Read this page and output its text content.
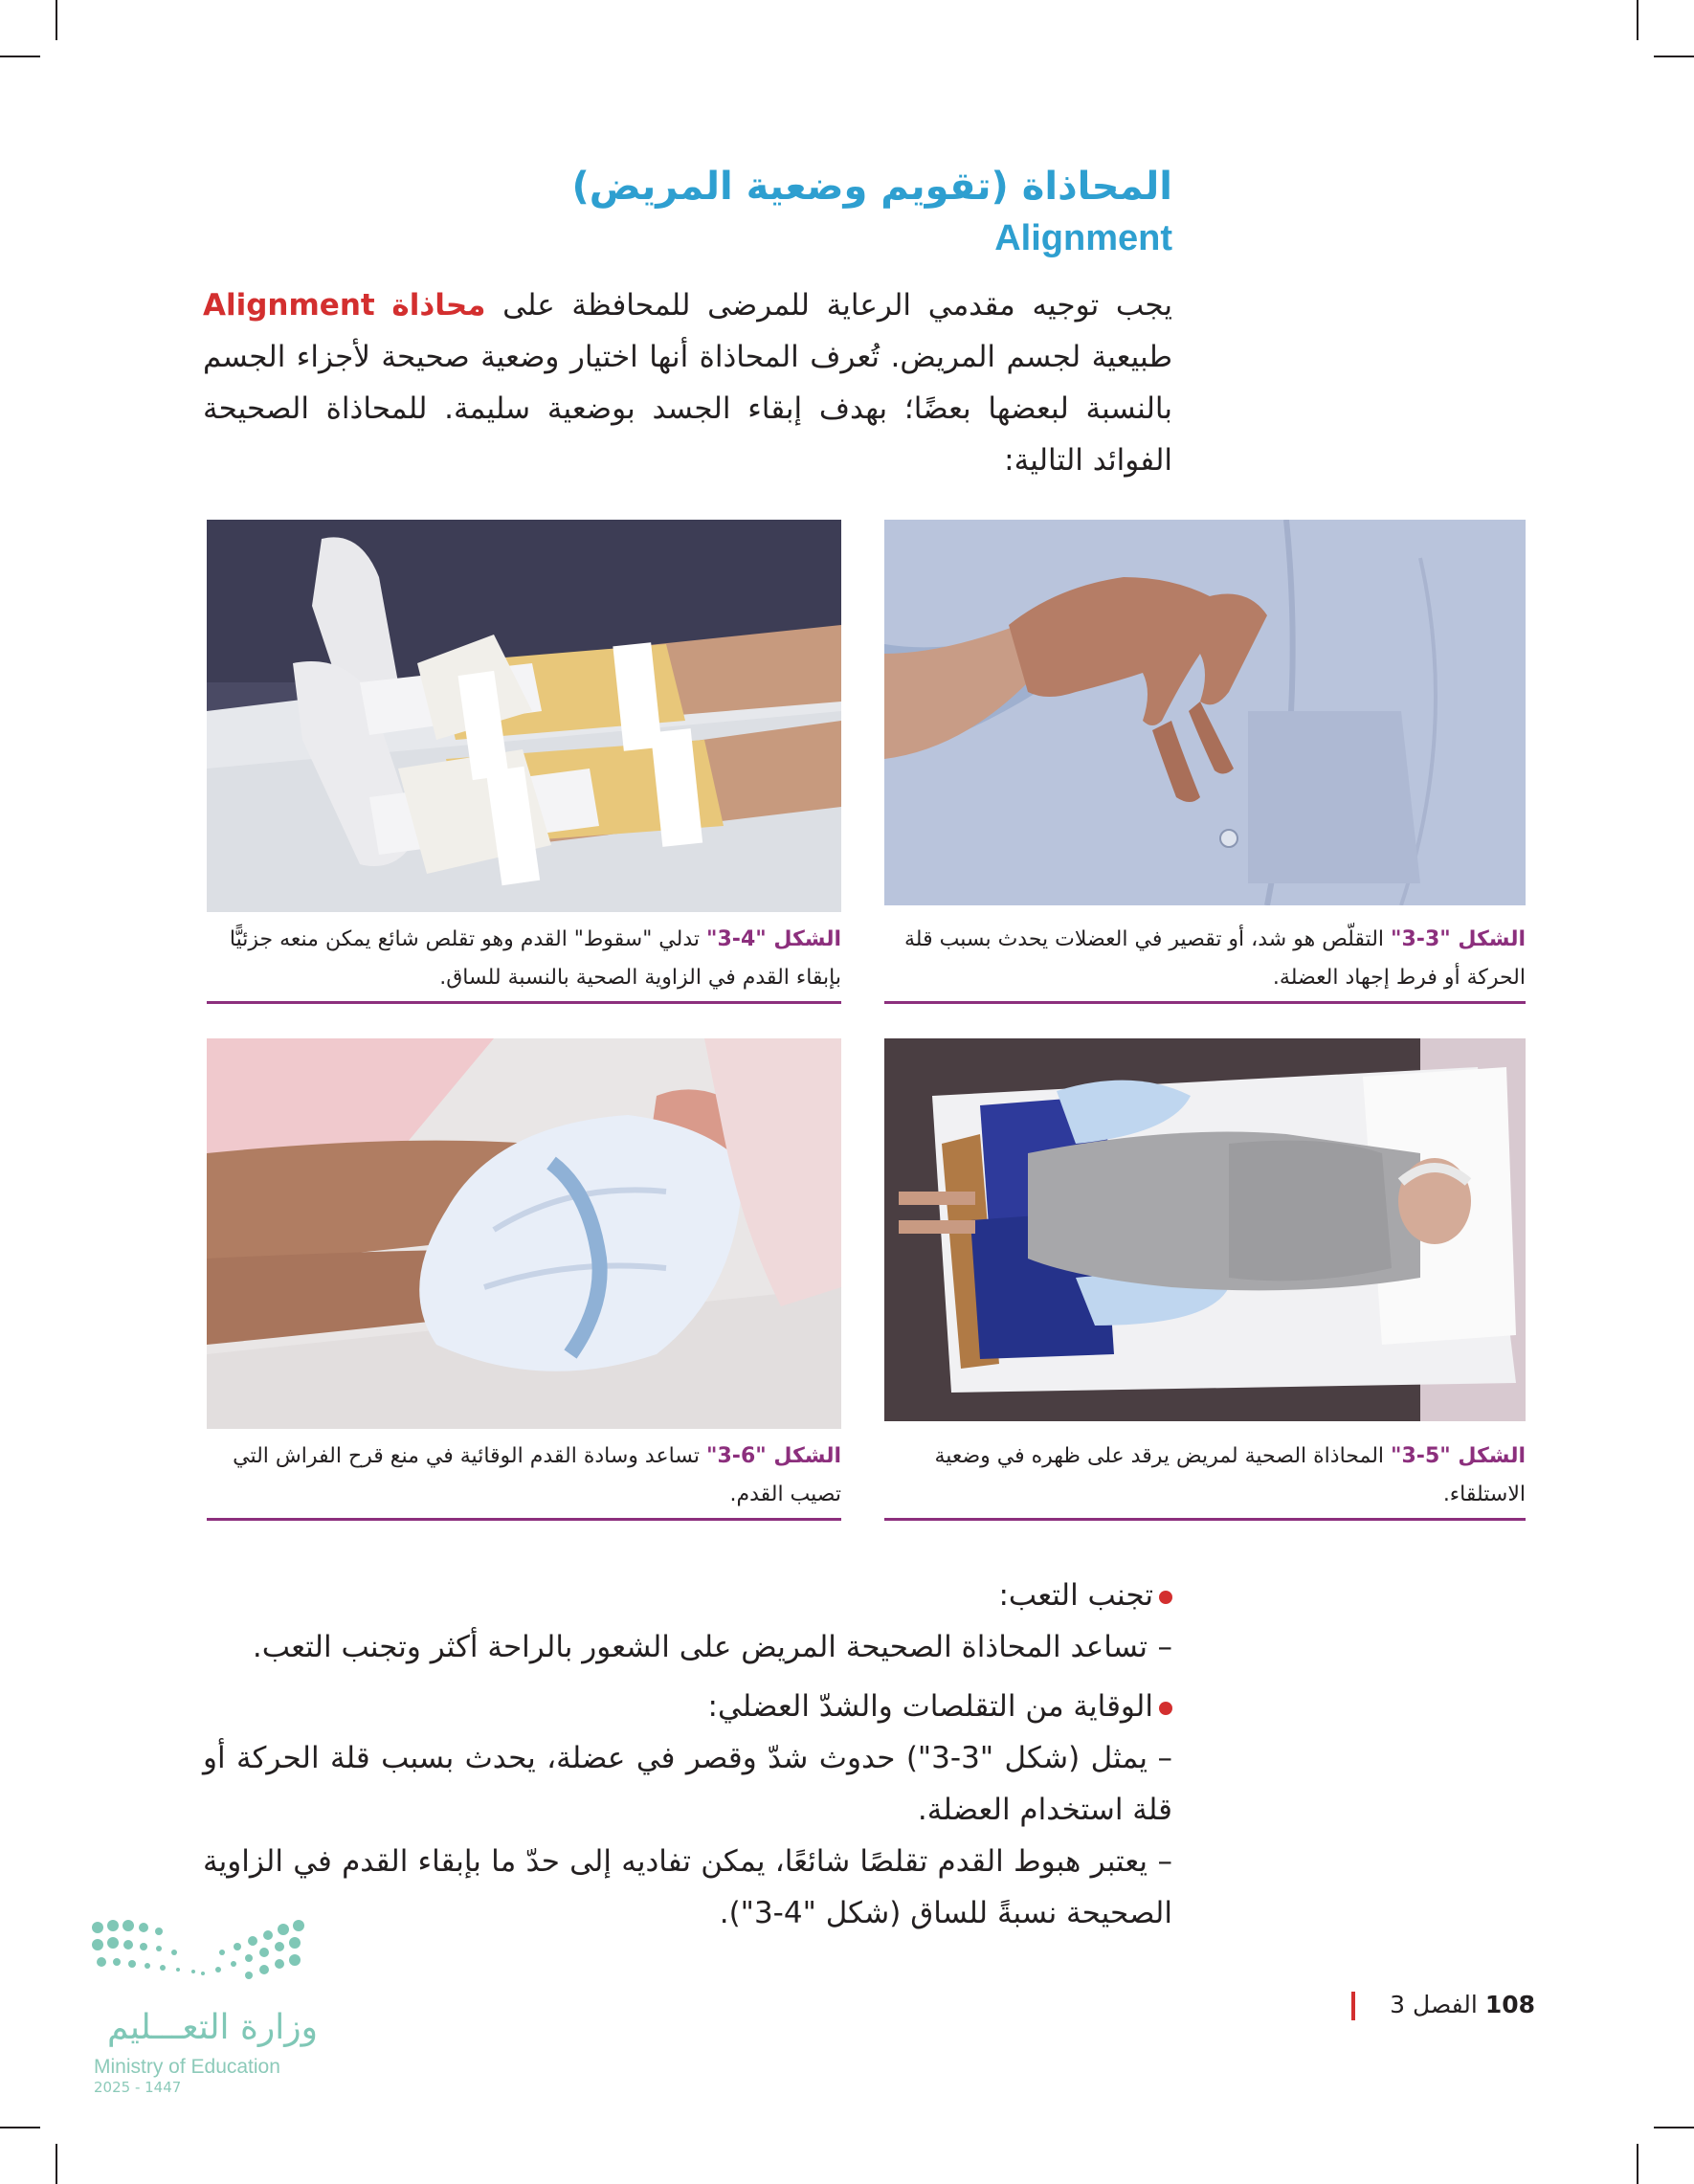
المحاذاة (تقويم وضعية المريض)
Alignment
يجب توجيه مقدمي الرعاية للمرضى للمحافظة على محاذاة Alignment طبيعية لجسم المريض. تُعرف المحاذاة أنها اختيار وضعية صحيحة لأجزاء الجسم بالنسبة لبعضها بعضًا؛ بهدف إبقاء الجسد بوضعية سليمة. للمحاذاة الصحيحة الفوائد التالية:
الشكل "3-3" التقلّص هو شد، أو تقصير في العضلات يحدث بسبب قلة الحركة أو فرط إجهاد العضلة.
الشكل "4-3" تدلي "سقوط" القدم وهو تقلص شائع يمكن منعه جزئيًّا بإبقاء القدم في الزاوية الصحية بالنسبة للساق.
الشكل "5-3" المحاذاة الصحية لمريض يرقد على ظهره في وضعية الاستلقاء.
الشكل "6-3" تساعد وسادة القدم الوقائية في منع قرح الفراش التي تصيب القدم.
تجنب التعب:
–تساعد المحاذاة الصحيحة المريض على الشعور بالراحة أكثر وتجنب التعب.
الوقاية من التقلصات والشدّ العضلي:
–يمثل (شكل "3-3") حدوث شدّ وقصر في عضلة، يحدث بسبب قلة الحركة أو قلة استخدام العضلة.
–يعتبر هبوط القدم تقلصًا شائعًا، يمكن تفاديه إلى حدّ ما بإبقاء القدم في الزاوية الصحيحة نسبةً للساق (شكل "4-3").
وزارة التعـــليم
Ministry of Education
2025 - 1447
108 الفصل 3
